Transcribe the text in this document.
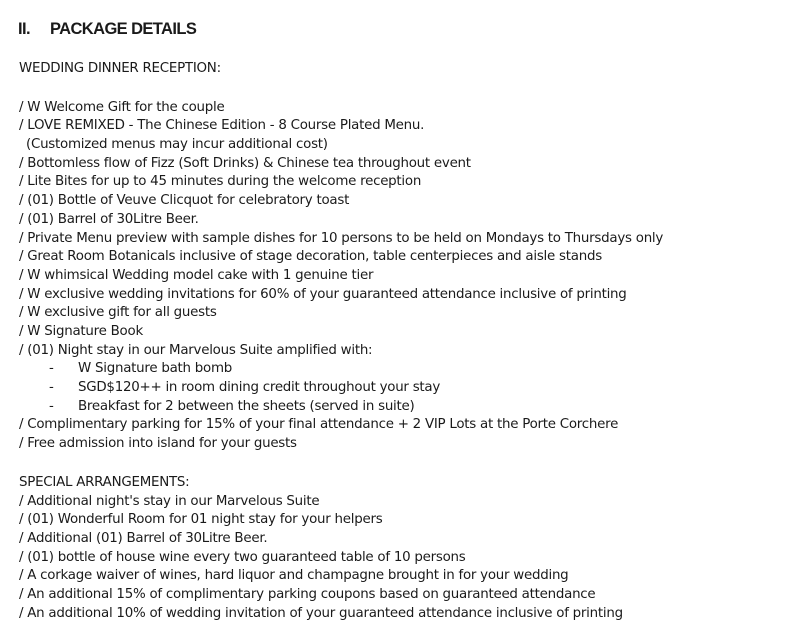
II. PACKAGE DETAILS
WEDDING DINNER RECEPTION:
/ W Welcome Gift for the couple
/ LOVE REMIXED - The Chinese Edition - 8 Course Plated Menu.
(Customized menus may incur additional cost)
/ Bottomless flow of Fizz (Soft Drinks) & Chinese tea throughout event
/ Lite Bites for up to 45 minutes during the welcome reception
/ (01) Bottle of Veuve Clicquot for celebratory toast
/ (01) Barrel of 30Litre Beer.
/ Private Menu preview with sample dishes for 10 persons to be held on Mondays to Thursdays only
/ Great Room Botanicals inclusive of stage decoration, table centerpieces and aisle stands
/ W whimsical Wedding model cake with 1 genuine tier
/ W exclusive wedding invitations for 60% of your guaranteed attendance inclusive of printing
/ W exclusive gift for all guests
/ W Signature Book
/ (01) Night stay in our Marvelous Suite amplified with:
- W Signature bath bomb
- SGD$120++ in room dining credit throughout your stay
- Breakfast for 2 between the sheets (served in suite)
/ Complimentary parking for 15% of your final attendance + 2 VIP Lots at the Porte Corchere
/ Free admission into island for your guests
SPECIAL ARRANGEMENTS:
/ Additional night's stay in our Marvelous Suite
/ (01) Wonderful Room for 01 night stay for your helpers
/ Additional (01) Barrel of 30Litre Beer.
/ (01) bottle of house wine every two guaranteed table of 10 persons
/ A corkage waiver of wines, hard liquor and champagne brought in for your wedding
/ An additional 15% of complimentary parking coupons based on guaranteed attendance
/ An additional 10% of wedding invitation of your guaranteed attendance inclusive of printing
